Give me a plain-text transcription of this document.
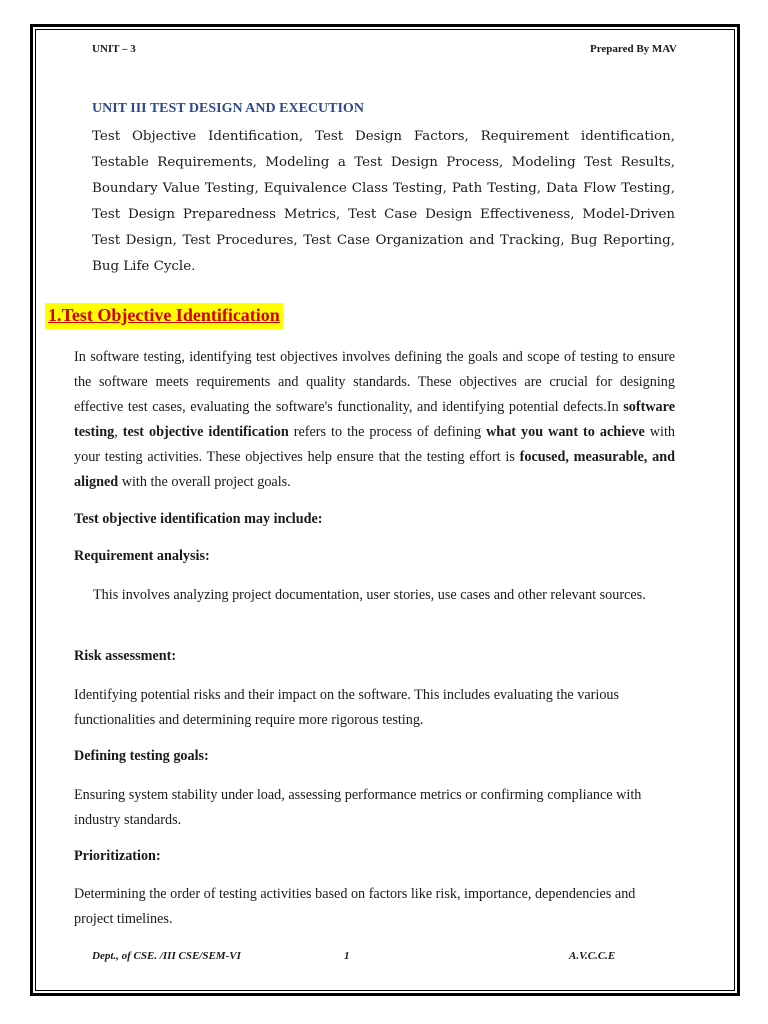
UNIT – 3	Prepared By MAV
UNIT III TEST DESIGN AND EXECUTION

Test Objective Identification, Test Design Factors, Requirement identification, Testable Requirements, Modeling a Test Design Process, Modeling Test Results, Boundary Value Testing, Equivalence Class Testing, Path Testing, Data Flow Testing, Test Design Preparedness Metrics, Test Case Design Effectiveness, Model-Driven Test Design, Test Procedures, Test Case Organization and Tracking, Bug Reporting, Bug Life Cycle.

1.Test Objective Identification

In software testing, identifying test objectives involves defining the goals and scope of testing to ensure the software meets requirements and quality standards. These objectives are crucial for designing effective test cases, evaluating the software's functionality, and identifying potential defects.In software testing, test objective identification refers to the process of defining what you want to achieve with your testing activities. These objectives help ensure that the testing effort is focused, measurable, and aligned with the overall project goals.

Test objective identification may include:

Requirement analysis:

This involves analyzing project documentation, user stories, use cases and other relevant sources.

Risk assessment:

Identifying potential risks and their impact on the software. This includes evaluating the various functionalities and determining require more rigorous testing.

Defining testing goals:

Ensuring system stability under load, assessing performance metrics or confirming compliance with industry standards.

Prioritization:

Determining the order of testing activities based on factors like risk, importance, dependencies and project timelines.

Dept., of CSE. /III CSE/SEM-VI	1	A.V.C.C.E
